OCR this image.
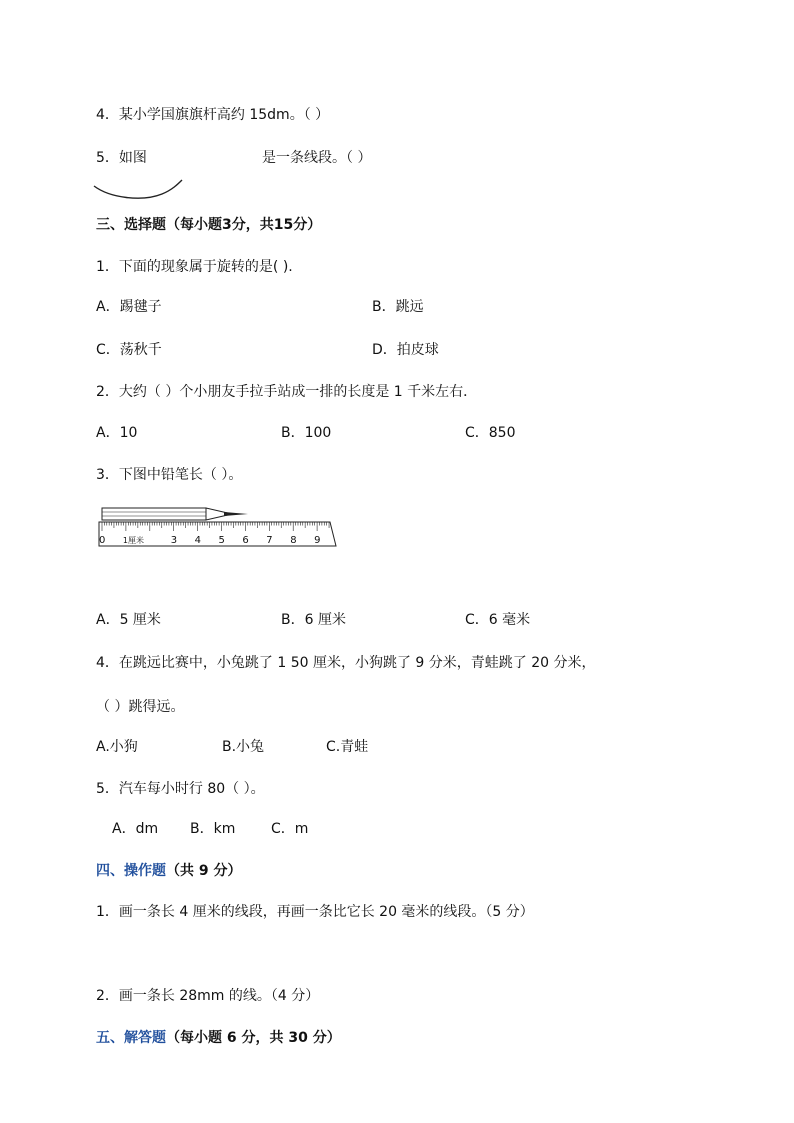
4．某小学国旗旗杆高约 15dm。（ ）
5．如图	是一条线段。（ ）
三、选择题（每小题3分，共15分）
1．下面的现象属于旋转的是( ).
A．踢毽子	B．跳远
C．荡秋千	D．拍皮球
2．大约（ ）个小朋友手拉手站成一排的长度是 1 千米左右．
A．10	B．100	C．850
3．下图中铅笔长（ ）。
0 1厘米	3 4 5 6 7 8 9
A．5 厘米	B．6 厘米	C．6 毫米
4．在跳远比赛中，小兔跳了 1 50 厘米，小狗跳了 9 分米，青蛙跳了 20 分米，
（ ）跳得远。
A.小狗	B.小兔	C.青蛙
5．汽车每小时行 80（ ）。
A．dm B．km	C．m
四、操作题（共 9 分）
1．画一条长 4 厘米的线段，再画一条比它长 20 毫米的线段。（5 分）
2．画一条长 28mm 的线。（4 分）
五、解答题（每小题 6 分，共 30 分）
